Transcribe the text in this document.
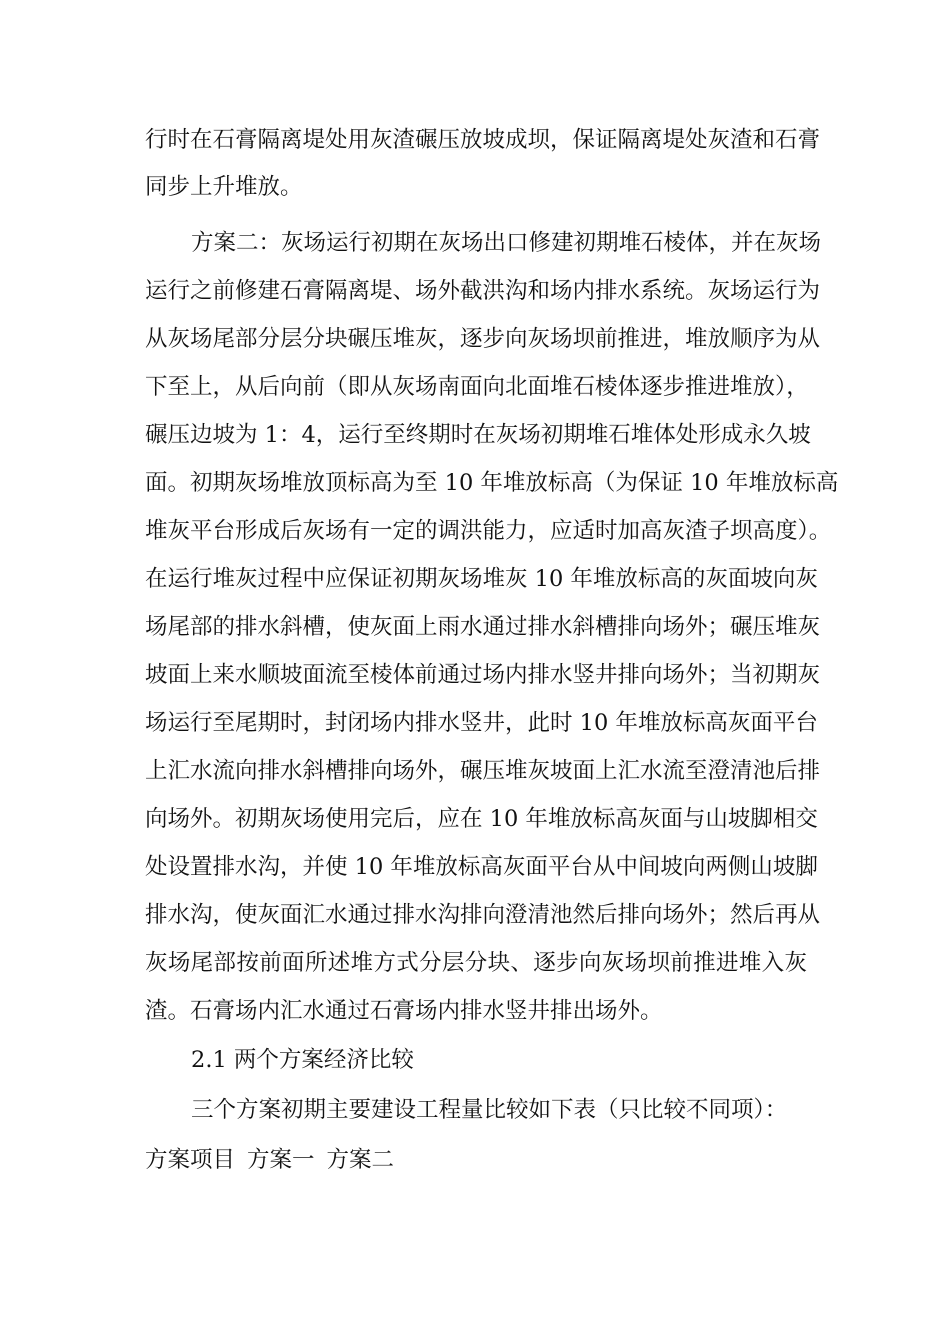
行时在石膏隔离堤处用灰渣碾压放坡成坝，保证隔离堤处灰渣和石膏
同步上升堆放。
方案二：灰场运行初期在灰场出口修建初期堆石棱体，并在灰场
运行之前修建石膏隔离堤、场外截洪沟和场内排水系统。灰场运行为
从灰场尾部分层分块碾压堆灰，逐步向灰场坝前推进，堆放顺序为从
下至上，从后向前（即从灰场南面向北面堆石棱体逐步推进堆放），
碾压边坡为 1：4，运行至终期时在灰场初期堆石堆体处形成永久坡
面。初期灰场堆放顶标高为至 10 年堆放标高（为保证 10 年堆放标高
堆灰平台形成后灰场有一定的调洪能力，应适时加高灰渣子坝高度）。
在运行堆灰过程中应保证初期灰场堆灰 10 年堆放标高的灰面坡向灰
场尾部的排水斜槽，使灰面上雨水通过排水斜槽排向场外；碾压堆灰
坡面上来水顺坡面流至棱体前通过场内排水竖井排向场外；当初期灰
场运行至尾期时，封闭场内排水竖井，此时 10 年堆放标高灰面平台
上汇水流向排水斜槽排向场外，碾压堆灰坡面上汇水流至澄清池后排
向场外。初期灰场使用完后，应在 10 年堆放标高灰面与山坡脚相交
处设置排水沟，并使 10 年堆放标高灰面平台从中间坡向两侧山坡脚
排水沟，使灰面汇水通过排水沟排向澄清池然后排向场外；然后再从
灰场尾部按前面所述堆方式分层分块、逐步向灰场坝前推进堆入灰
渣。石膏场内汇水通过石膏场内排水竖井排出场外。
2.1 两个方案经济比较
三个方案初期主要建设工程量比较如下表（只比较不同项）：
方案项目 方案一 方案二
